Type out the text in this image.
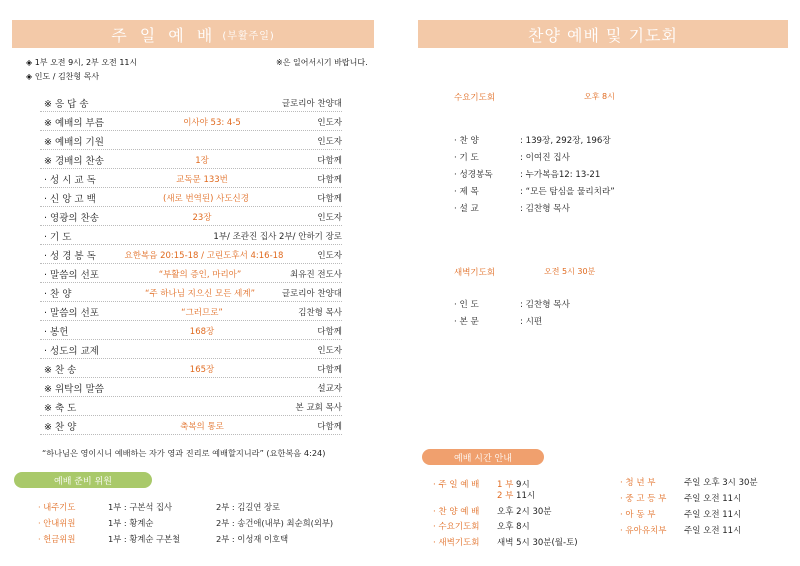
주 일 예 배 (부활주일)
◈ 1부 오전 9시, 2부 오전 11시
◈ 인도 / 김찬형 목사
※은 일어서시기 바랍니다.
※ 응 답 송	글로리아 찬양대
※ 예배의 부름	이사야 53: 4-5	인도자
※ 예배의 기원	인도자
※ 경배의 찬송	1장	다함께
· 성 시 교 독	교독문 133번	다함께
· 신 앙 고 백	(새로 번역된) 사도신경	다함께
· 영광의 찬송	23장	인도자
· 기 도	1부/ 조관진 집사 2부/ 안하기 장로
· 성 경 봉 독	요한복음 20:15-18 / 고린도후서 4:16-18	인도자
· 말씀의 선포	“부활의 증인, 마리아”	최유진 전도사
· 찬 양	“주 하나님 지으신 모든 세계”	글로리아 찬양대
· 말씀의 선포	“그러므로”	김찬형 목사
· 봉헌	168장	다함께
· 성도의 교제	인도자
※ 찬 송	165장	다함께
※ 위탁의 말씀	설교자
※ 축 도	본 교회 목사
※ 찬 양	축복의 통로	다함께
“하나님은 영이시니 예배하는 자가 영과 진리로 예배할지니라” (요한복음 4:24)
예배 준비 위원
· 내주기도	1부 : 구본석 집사	2부 : 김길연 장로
· 안내위원	1부 : 황계순	2부 : 송건애(내부) 최순희(외부)
· 헌금위원	1부 : 황계순 구본철	2부 : 이성재 이호택
찬양 예배 및 기도회
수요기도회	오후 8시
· 찬 양	: 139장, 292장, 196장
· 기 도	: 이여진 집사
· 성경봉독	: 누가복음12: 13-21
· 제 목	: “모든 탐심을 물리치라”
· 설 교	: 김찬형 목사
새벽기도회	오전 5시 30분
· 인 도	: 김찬형 목사
· 본 문	: 시편
예배 시간 안내
· 주 일 예 배 1 부 9시
2 부 11시
· 찬 양 예 배 오후 2시 30분
· 수요기도회 오후 8시
· 새벽기도회 새벽 5시 30분(월-토)
· 청 년 부	주일 오후 3시 30분
· 중 고 등 부 주일 오전 11시
· 아 동 부	주일 오전 11시
· 유아유치부 주일 오전 11시
